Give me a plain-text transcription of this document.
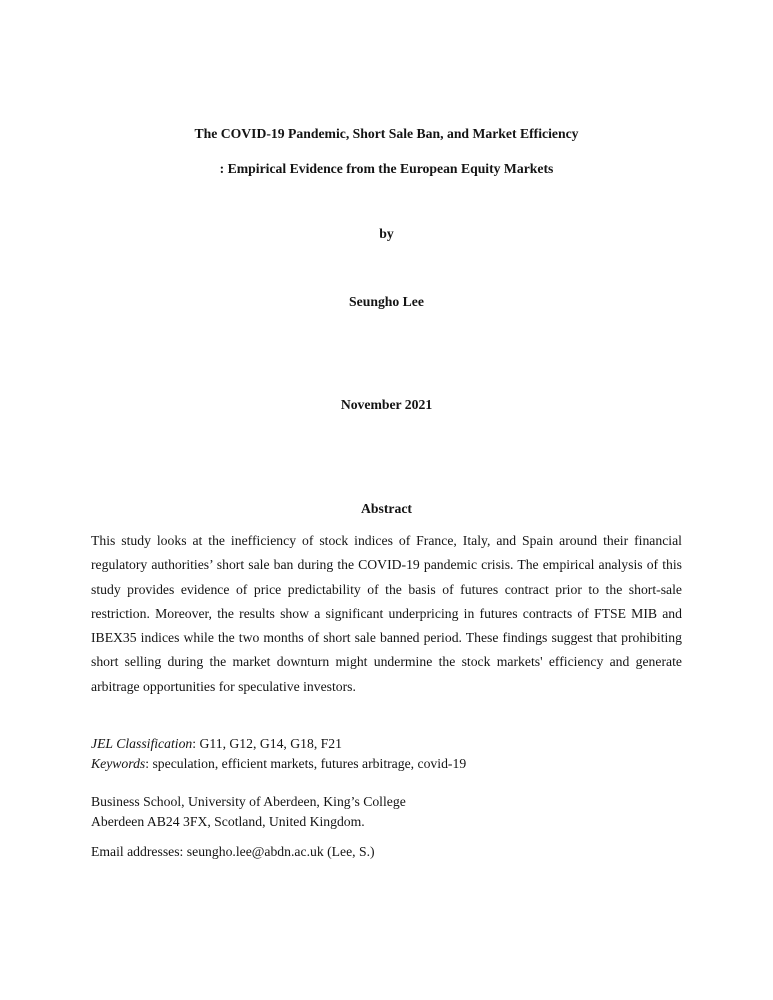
The COVID-19 Pandemic, Short Sale Ban, and Market Efficiency
: Empirical Evidence from the European Equity Markets
by
Seungho Lee
November 2021
Abstract
This study looks at the inefficiency of stock indices of France, Italy, and Spain around their financial
regulatory authorities’ short sale ban during the COVID-19 pandemic crisis. The empirical analysis of this
study provides evidence of price predictability of the basis of futures contract prior to the short-sale
restriction. Moreover, the results show a significant underpricing in futures contracts of FTSE MIB and
IBEX35 indices while the two months of short sale banned period. These findings suggest that prohibiting
short selling during the market downturn might undermine the stock markets' efficiency and generate
arbitrage opportunities for speculative investors.
JEL Classification: G11, G12, G14, G18, F21
Keywords: speculation, efficient markets, futures arbitrage, covid-19
Business School, University of Aberdeen, King’s College
Aberdeen AB24 3FX, Scotland, United Kingdom.
Email addresses: seungho.lee@abdn.ac.uk (Lee, S.)
